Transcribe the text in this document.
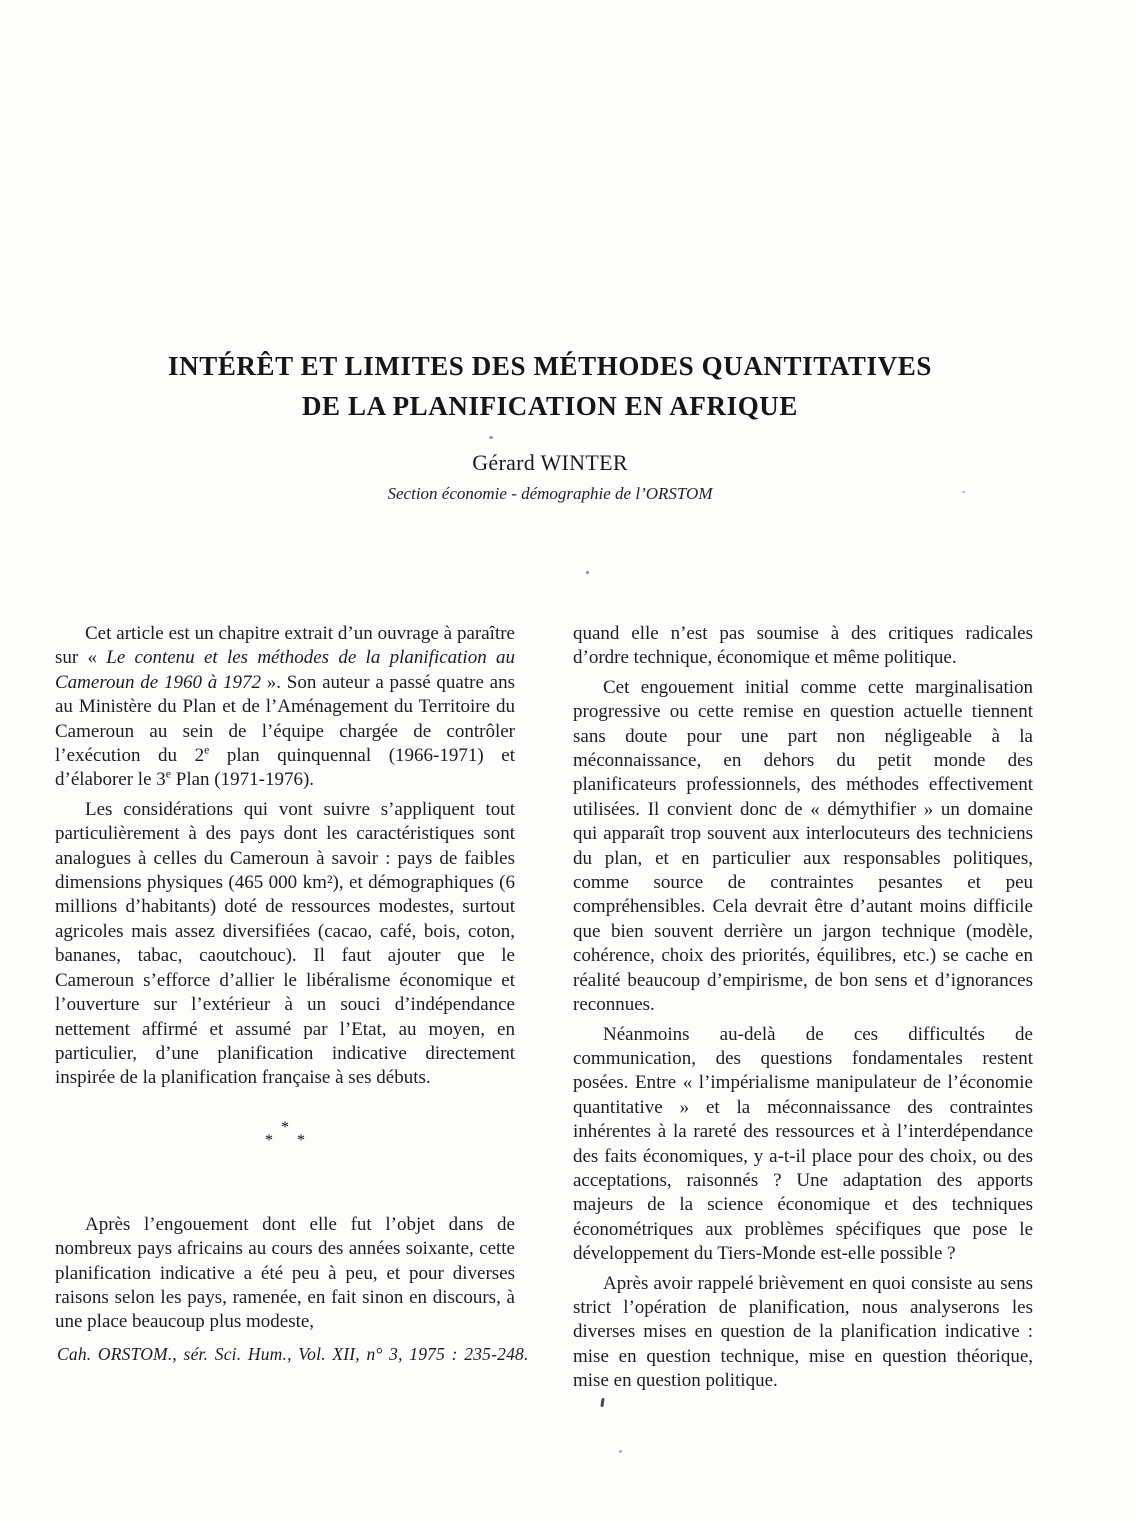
INTÉRÊT ET LIMITES DES MÉTHODES QUANTITATIVES
DE LA PLANIFICATION EN AFRIQUE
Gérard WINTER
Section économie - démographie de l’ORSTOM

Cet article est un chapitre extrait d’un ouvrage à paraître sur « Le contenu et les méthodes de la planification au Cameroun de 1960 à 1972 ». Son auteur a passé quatre ans au Ministère du Plan et de l’Aménagement du Territoire du Cameroun au sein de l’équipe chargée de contrôler l’exécution du 2e plan quinquennal (1966-1971) et d’élaborer le 3e Plan (1971-1976).

Les considérations qui vont suivre s’appliquent tout particulièrement à des pays dont les caractéristiques sont analogues à celles du Cameroun à savoir : pays de faibles dimensions physiques (465 000 km²), et démographiques (6 millions d’habitants) doté de ressources modestes, surtout agricoles mais assez diversifiées (cacao, café, bois, coton, bananes, tabac, caoutchouc). Il faut ajouter que le Cameroun s’efforce d’allier le libéralisme économique et l’ouverture sur l’extérieur à un souci d’indépendance nettement affirmé et assumé par l’Etat, au moyen, en particulier, d’une planification indicative directement inspirée de la planification française à ses débuts.

*
* *

Après l’engouement dont elle fut l’objet dans de nombreux pays africains au cours des années soixante, cette planification indicative a été peu à peu, et pour diverses raisons selon les pays, ramenée, en fait sinon en discours, à une place beaucoup plus modeste,

quand elle n’est pas soumise à des critiques radicales d’ordre technique, économique et même politique.

Cet engouement initial comme cette marginalisation progressive ou cette remise en question actuelle tiennent sans doute pour une part non négligeable à la méconnaissance, en dehors du petit monde des planificateurs professionnels, des méthodes effectivement utilisées. Il convient donc de « démythifier » un domaine qui apparaît trop souvent aux interlocuteurs des techniciens du plan, et en particulier aux responsables politiques, comme source de contraintes pesantes et peu compréhensibles. Cela devrait être d’autant moins difficile que bien souvent derrière un jargon technique (modèle, cohérence, choix des priorités, équilibres, etc.) se cache en réalité beaucoup d’empirisme, de bon sens et d’ignorances reconnues.

Néanmoins au-delà de ces difficultés de communication, des questions fondamentales restent posées. Entre « l’impérialisme manipulateur de l’économie quantitative » et la méconnaissance des contraintes inhérentes à la rareté des ressources et à l’interdépendance des faits économiques, y a-t-il place pour des choix, ou des acceptations, raisonnés ? Une adaptation des apports majeurs de la science économique et des techniques économétriques aux problèmes spécifiques que pose le développement du Tiers-Monde est-elle possible ?

Après avoir rappelé brièvement en quoi consiste au sens strict l’opération de planification, nous analyserons les diverses mises en question de la planification indicative : mise en question technique, mise en question théorique, mise en question politique.

Cah. ORSTOM., sér. Sci. Hum., Vol. XII, n° 3, 1975 : 235-248.
